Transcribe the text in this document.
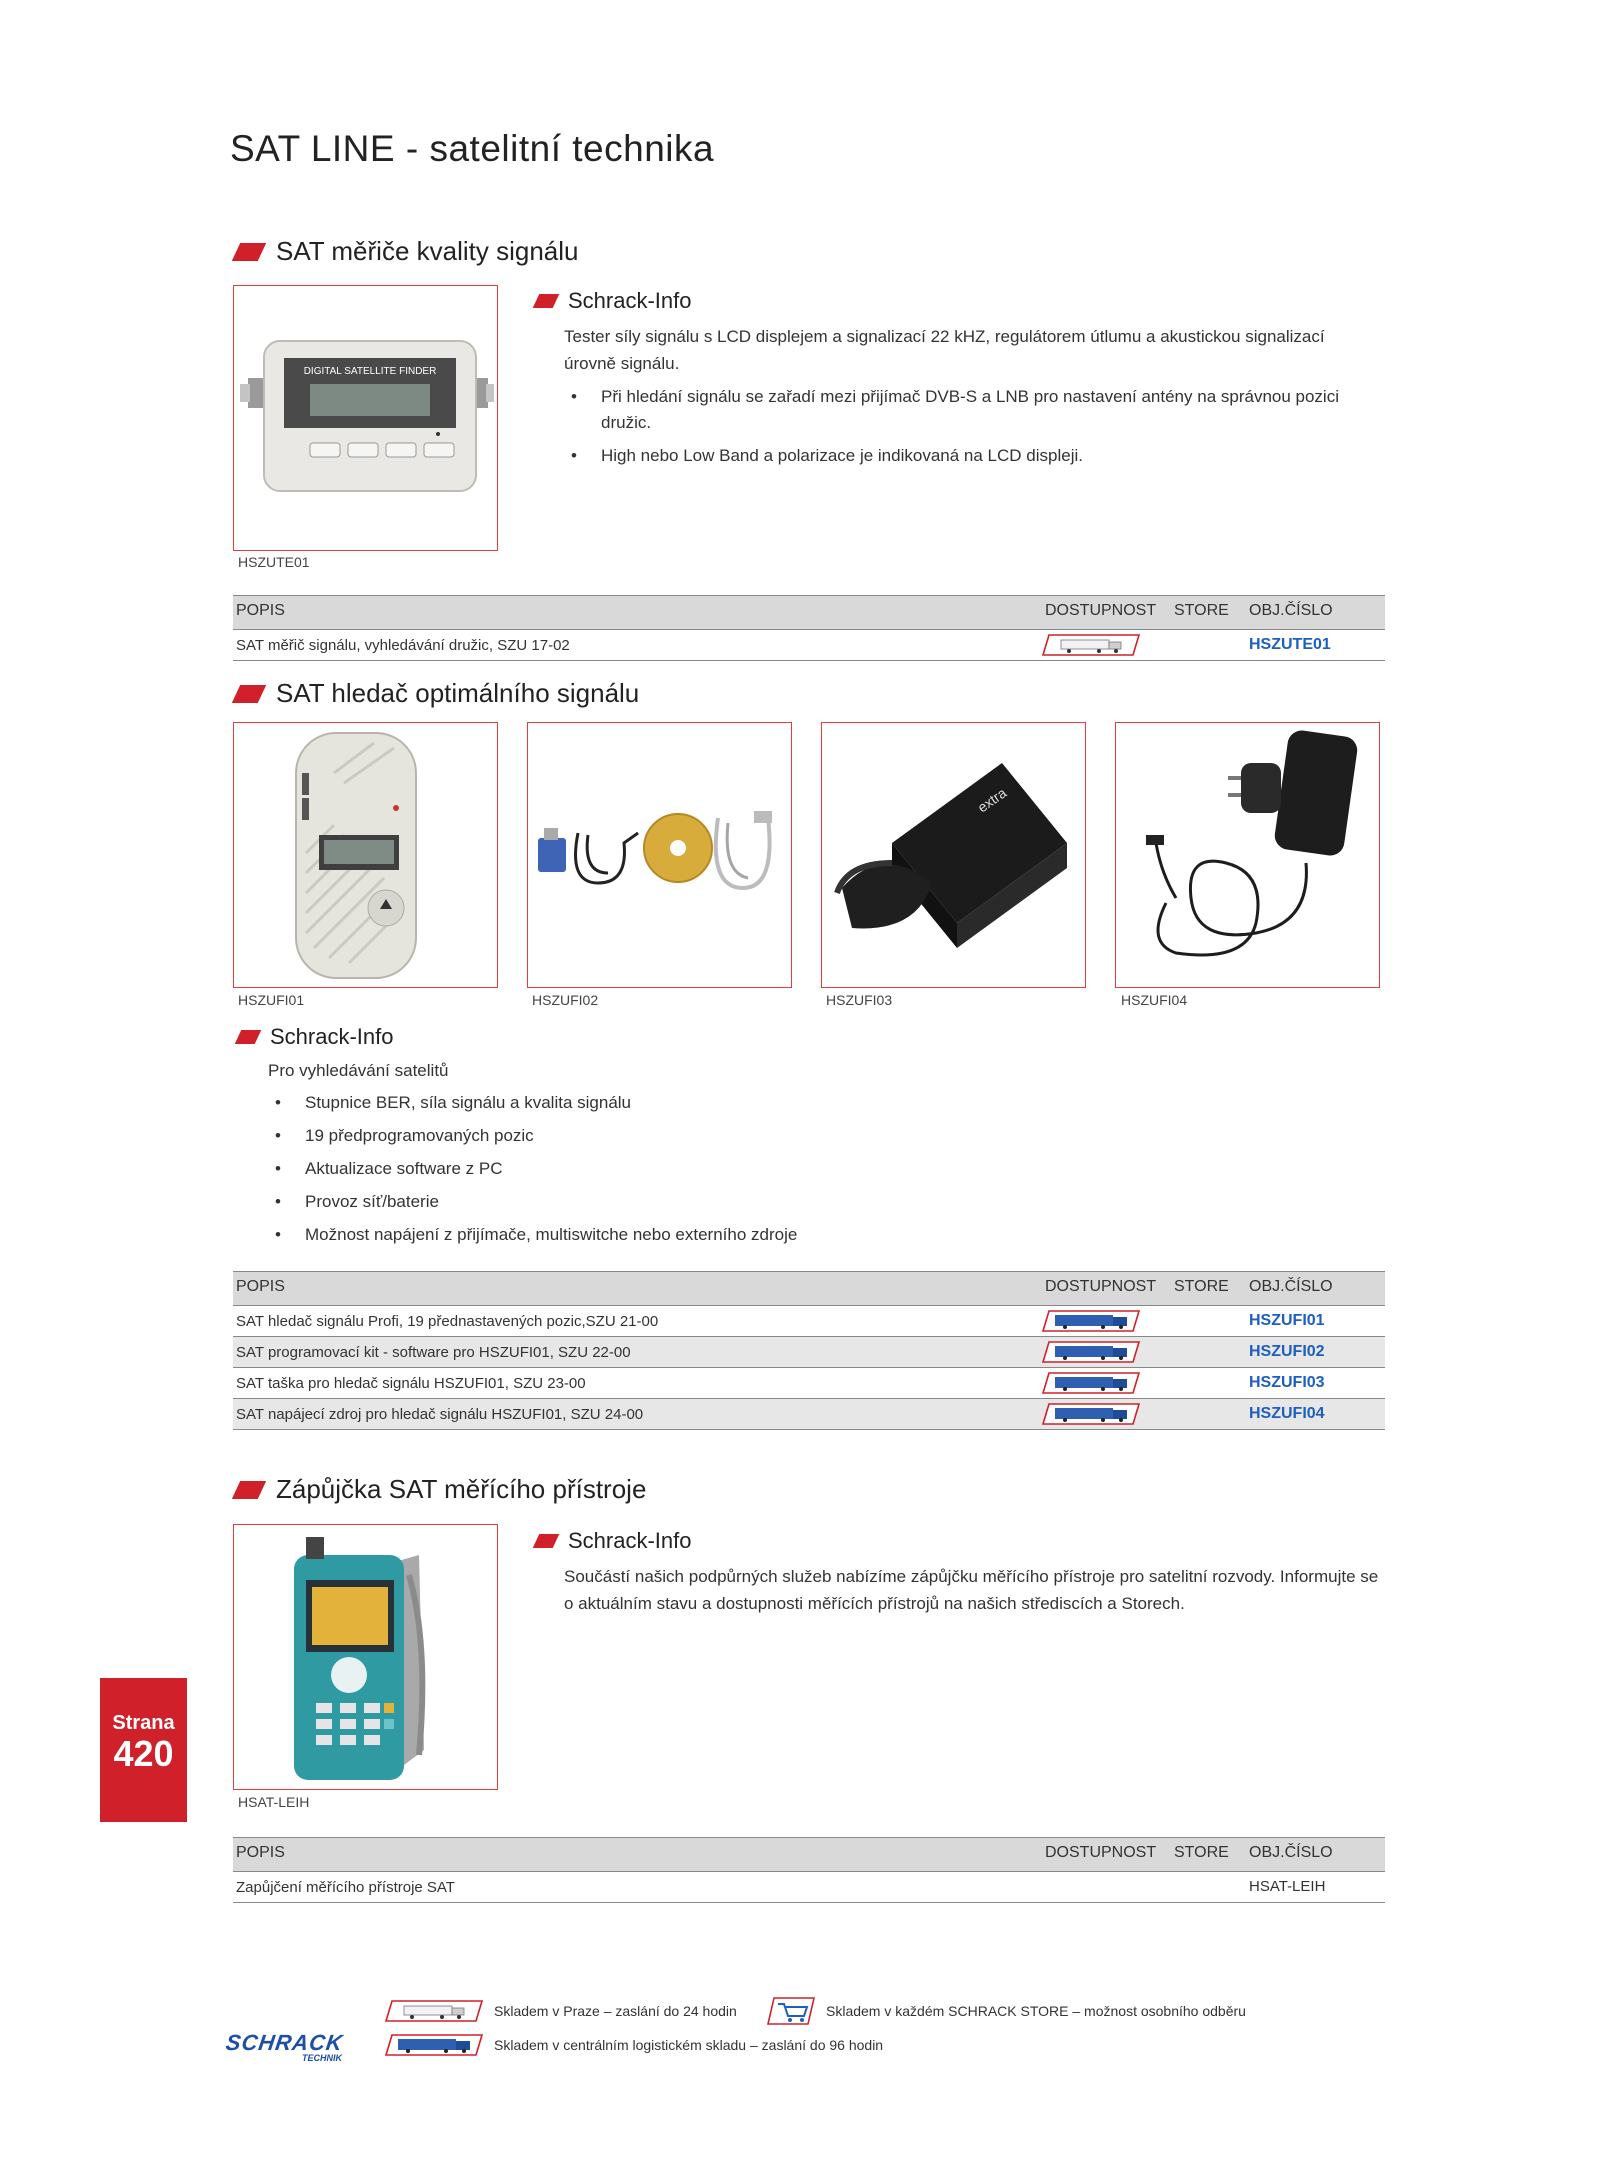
SAT LINE - satelitní technika
SAT měřiče kvality signálu
DIGITAL SATELLITE FINDER
HSZUTE01
Schrack-Info
Tester síly signálu s LCD displejem a signalizací 22 kHZ, regulátorem útlumu a akustickou signalizací úrovně signálu.
• Při hledání signálu se zařadí mezi přijímač DVB-S a LNB pro nastavení antény na správnou pozici družic.
• High nebo Low Band a polarizace je indikovaná na LCD displeji.
POPIS	DOSTUPNOST STORE OBJ.ČÍSLO
SAT měřič signálu, vyhledávání družic, SZU 17-02	HSZUTE01
SAT hledač optimálního signálu
extra
HSZUFI01	HSZUFI02	HSZUFI03	HSZUFI04
Schrack-Info
Pro vyhledávání satelitů
• Stupnice BER, síla signálu a kvalita signálu
• 19 předprogramovaných pozic
• Aktualizace software z PC
• Provoz síť/baterie
• Možnost napájení z přijímače, multiswitche nebo externího zdroje
POPIS	DOSTUPNOST STORE OBJ.ČÍSLO
SAT hledač signálu Profi, 19 přednastavených pozic,SZU 21-00	HSZUFI01
SAT programovací kit - software pro HSZUFI01, SZU 22-00	HSZUFI02
SAT taška pro hledač signálu HSZUFI01, SZU 23-00	HSZUFI03
SAT napájecí zdroj pro hledač signálu HSZUFI01, SZU 24-00	HSZUFI04
Zápůjčka SAT měřícího přístroje
HSAT-LEIH
Schrack-Info
Součástí našich podpůrných služeb nabízíme zápůjčku měřícího přístroje pro satelitní rozvody. Informujte se o aktuálním stavu a dostupnosti měřících přístrojů na našich střediscích a Storech.
POPIS	DOSTUPNOST STORE OBJ.ČÍSLO
Zapůjčení měřícího přístroje SAT	HSAT-LEIH
Strana
420
Skladem v Praze – zaslání do 24 hodin	Skladem v každém SCHRACK STORE – možnost osobního odběru
Skladem v centrálním logistickém skladu – zaslání do 96 hodin
SCHRACK
TECHNIK
